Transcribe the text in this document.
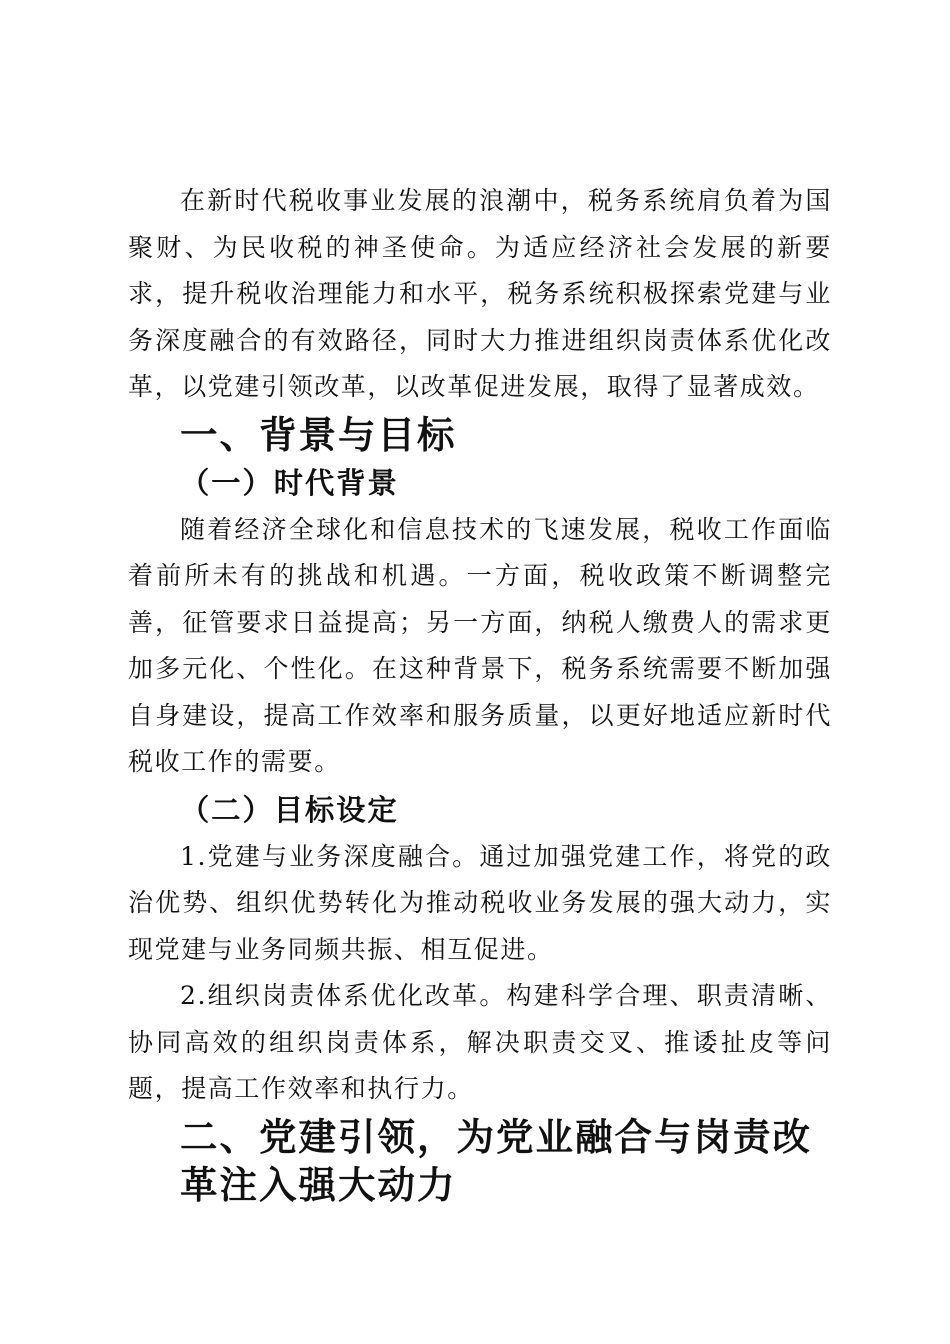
在新时代税收事业发展的浪潮中，税务系统肩负着为国聚财、为民收税的神圣使命。为适应经济社会发展的新要求，提升税收治理能力和水平，税务系统积极探索党建与业务深度融合的有效路径，同时大力推进组织岗责体系优化改革，以党建引领改革，以改革促进发展，取得了显著成效。

一、背景与目标
（一）时代背景

随着经济全球化和信息技术的飞速发展，税收工作面临着前所未有的挑战和机遇。一方面，税收政策不断调整完善，征管要求日益提高；另一方面，纳税人缴费人的需求更加多元化、个性化。在这种背景下，税务系统需要不断加强自身建设，提高工作效率和服务质量，以更好地适应新时代税收工作的需要。

（二）目标设定

1.党建与业务深度融合。通过加强党建工作，将党的政治优势、组织优势转化为推动税收业务发展的强大动力，实现党建与业务同频共振、相互促进。

2.组织岗责体系优化改革。构建科学合理、职责清晰、协同高效的组织岗责体系，解决职责交叉、推诿扯皮等问题，提高工作效率和执行力。

二、党建引领，为党业融合与岗责改革注入强大动力
